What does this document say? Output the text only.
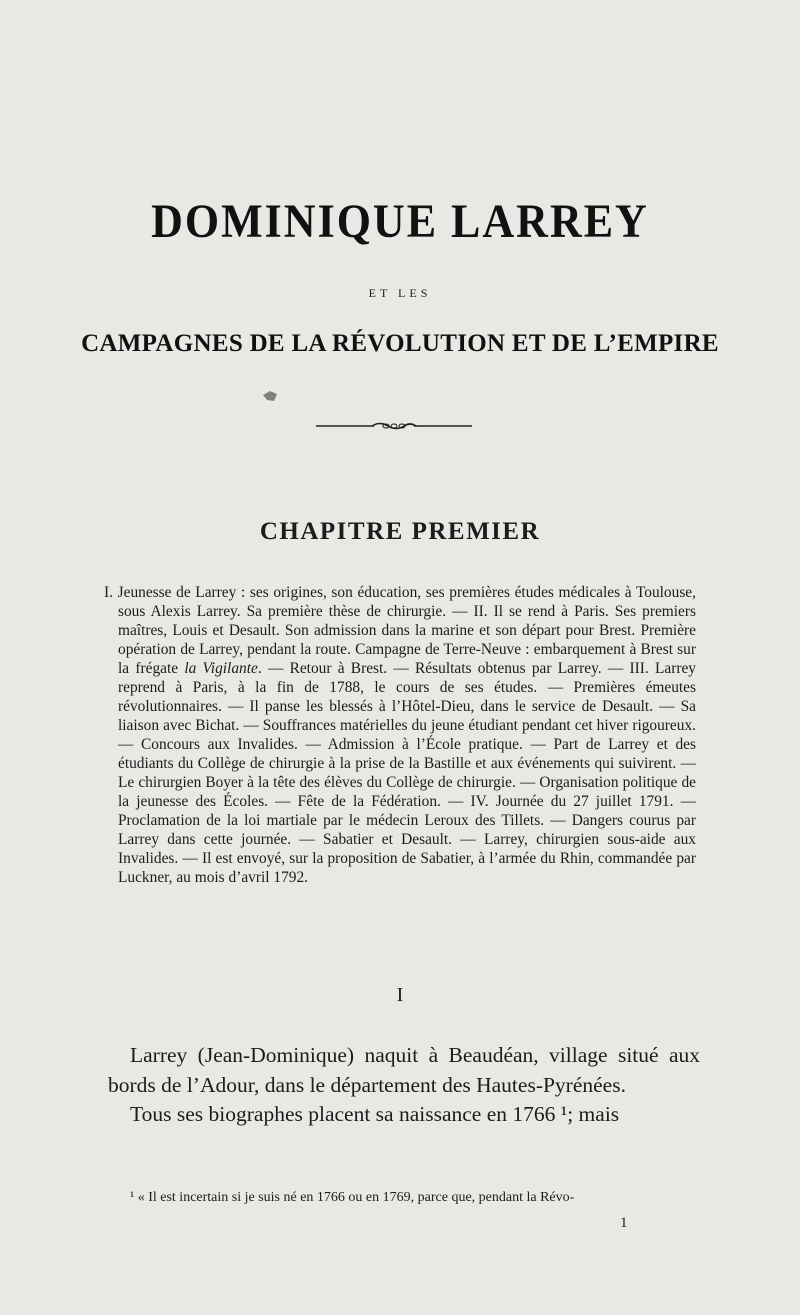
DOMINIQUE LARREY
ET LES
CAMPAGNES DE LA RÉVOLUTION ET DE L’EMPIRE
CHAPITRE PREMIER
I. Jeunesse de Larrey : ses origines, son éducation, ses premières études médicales à Toulouse, sous Alexis Larrey. Sa première thèse de chirurgie. — II. Il se rend à Paris. Ses premiers maîtres, Louis et Desault. Son admission dans la marine et son départ pour Brest. Première opération de Larrey, pendant la route. Campagne de Terre-Neuve : embarquement à Brest sur la frégate la Vigilante. — Retour à Brest. — Résultats obtenus par Larrey. — III. Larrey reprend à Paris, à la fin de 1788, le cours de ses études. — Premières émeutes révolutionnaires. — Il panse les blessés à l’Hôtel-Dieu, dans le service de Desault. — Sa liaison avec Bichat. — Souffrances matérielles du jeune étudiant pendant cet hiver rigoureux. — Concours aux Invalides. — Admission à l’École pratique. — Part de Larrey et des étudiants du Collège de chirurgie à la prise de la Bastille et aux événements qui suivirent. — Le chirurgien Boyer à la tête des élèves du Collège de chirurgie. — Organisation politique de la jeunesse des Écoles. — Fête de la Fédération. — IV. Journée du 27 juillet 1791. — Proclamation de la loi martiale par le médecin Leroux des Tillets. — Dangers courus par Larrey dans cette journée. — Sabatier et Desault. — Larrey, chirurgien sous-aide aux Invalides. — Il est envoyé, sur la proposition de Sabatier, à l’armée du Rhin, commandée par Luckner, au mois d’avril 1792.
I

Larrey (Jean-Dominique) naquit à Beaudéan, village situé aux bords de l’Adour, dans le département des Hautes-Pyrénées.

Tous ses biographes placent sa naissance en 1766 ¹; mais

¹ « Il est incertain si je suis né en 1766 ou en 1769, parce que, pendant la Révo-
1
